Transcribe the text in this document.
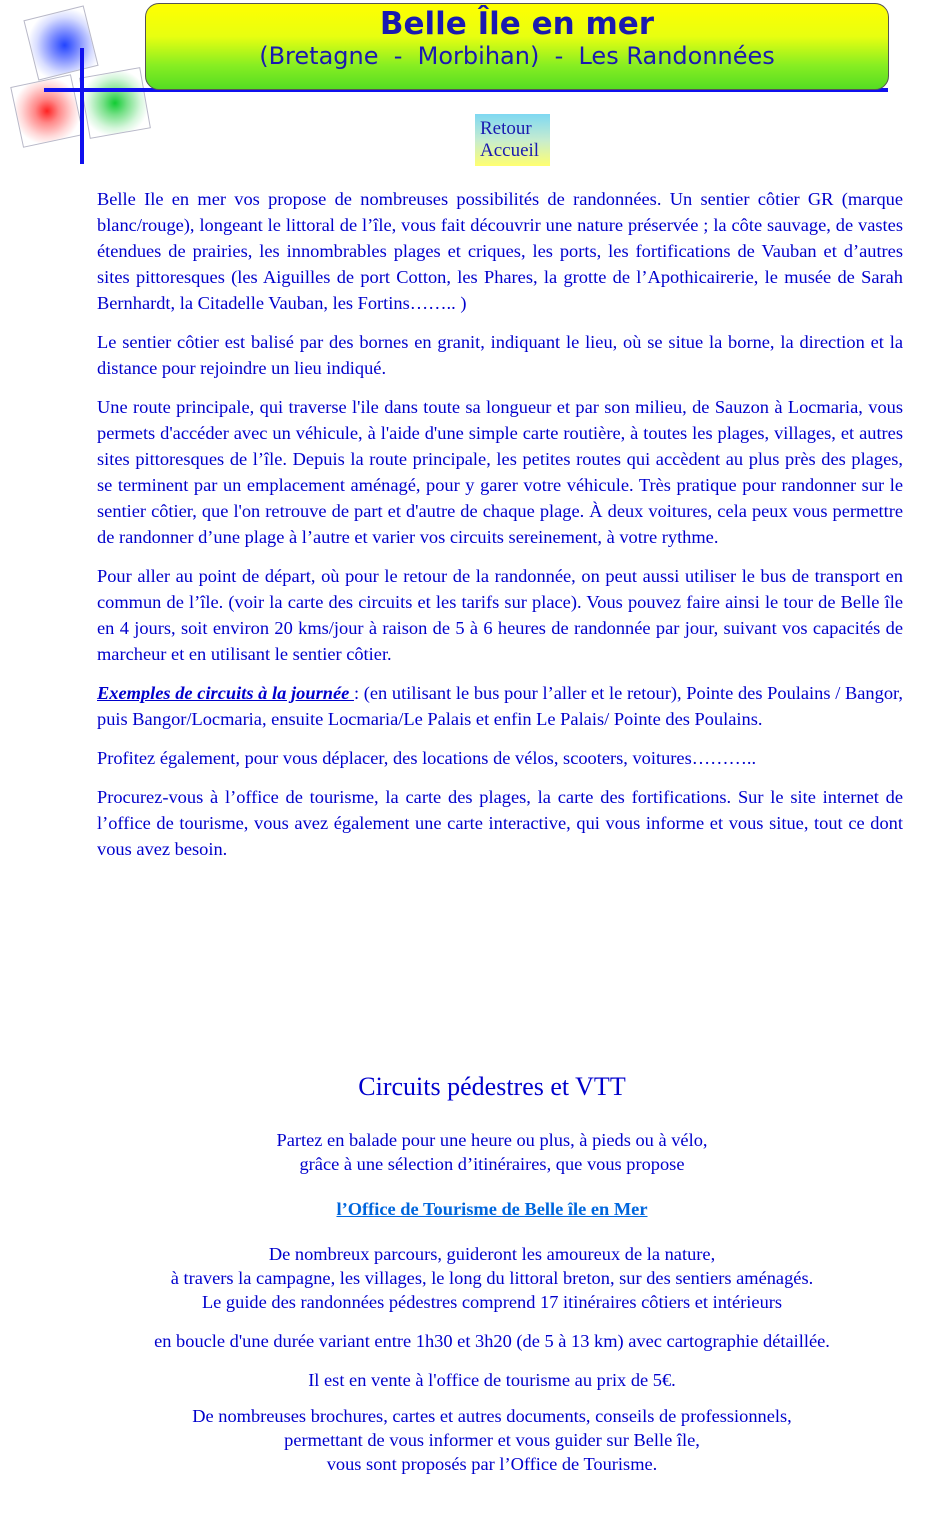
Belle Île en mer
(Bretagne  -  Morbihan)  -  Les Randonnées
Retour
Accueil

Belle Ile en mer vos propose de nombreuses possibilités de randonnées. Un sentier côtier GR (marque blanc/rouge), longeant le littoral de l’île, vous fait découvrir une nature préservée ; la côte sauvage, de vastes étendues de prairies, les innombrables plages et criques, les ports, les fortifications de Vauban et d’autres sites pittoresques (les Aiguilles de port Cotton, les Phares, la grotte de l’Apothicairerie, le musée de Sarah Bernhardt, la Citadelle Vauban, les Fortins…….. )

Le sentier côtier est balisé par des bornes en granit, indiquant le lieu, où se situe la borne, la direction et la distance pour rejoindre un lieu indiqué.

Une route principale, qui traverse l'ile dans toute sa longueur et par son milieu, de Sauzon à Locmaria, vous permets d'accéder avec un véhicule, à l'aide d'une simple carte routière, à toutes les plages, villages, et autres sites pittoresques de l’île. Depuis la route principale, les petites routes qui accèdent au plus près des plages, se terminent par un emplacement aménagé, pour y garer votre véhicule. Très pratique pour randonner sur le sentier côtier, que l'on retrouve de part et d'autre de chaque plage. À deux voitures, cela peux vous permettre de randonner d’une plage à l’autre et varier vos circuits sereinement, à votre rythme.

Pour aller au point de départ, où pour le retour de la randonnée, on peut aussi utiliser le bus de transport en commun de l’île. (voir la carte des circuits et les tarifs sur place). Vous pouvez faire ainsi le tour de Belle île en 4 jours, soit environ 20 kms/jour à raison de 5 à 6 heures de randonnée par jour, suivant vos capacités de marcheur et en utilisant le sentier côtier.

Exemples de circuits à la journée : (en utilisant le bus pour l’aller et le retour), Pointe des Poulains / Bangor, puis Bangor/Locmaria, ensuite Locmaria/Le Palais et enfin Le Palais/ Pointe des Poulains.

Profitez également, pour vous déplacer, des locations de vélos, scooters, voitures………..

Procurez-vous à l’office de tourisme, la carte des plages, la carte des fortifications. Sur le site internet de l’office de tourisme, vous avez également une carte interactive, qui vous informe et vous situe, tout ce dont vous avez besoin.

Circuits pédestres et VTT

Partez en balade pour une heure ou plus, à pieds ou à vélo,
grâce à une sélection d’itinéraires, que vous propose

l’Office de Tourisme de Belle île en Mer

De nombreux parcours, guideront les amoureux de la nature,
à travers la campagne, les villages, le long du littoral breton, sur des sentiers aménagés.
Le guide des randonnées pédestres comprend 17 itinéraires côtiers et intérieurs

en boucle d'une durée variant entre 1h30 et 3h20 (de 5 à 13 km) avec cartographie détaillée.

Il est en vente à l'office de tourisme au prix de 5€.

De nombreuses brochures, cartes et autres documents, conseils de professionnels,
permettant de vous informer et vous guider sur Belle île,
vous sont proposés par l’Office de Tourisme.
